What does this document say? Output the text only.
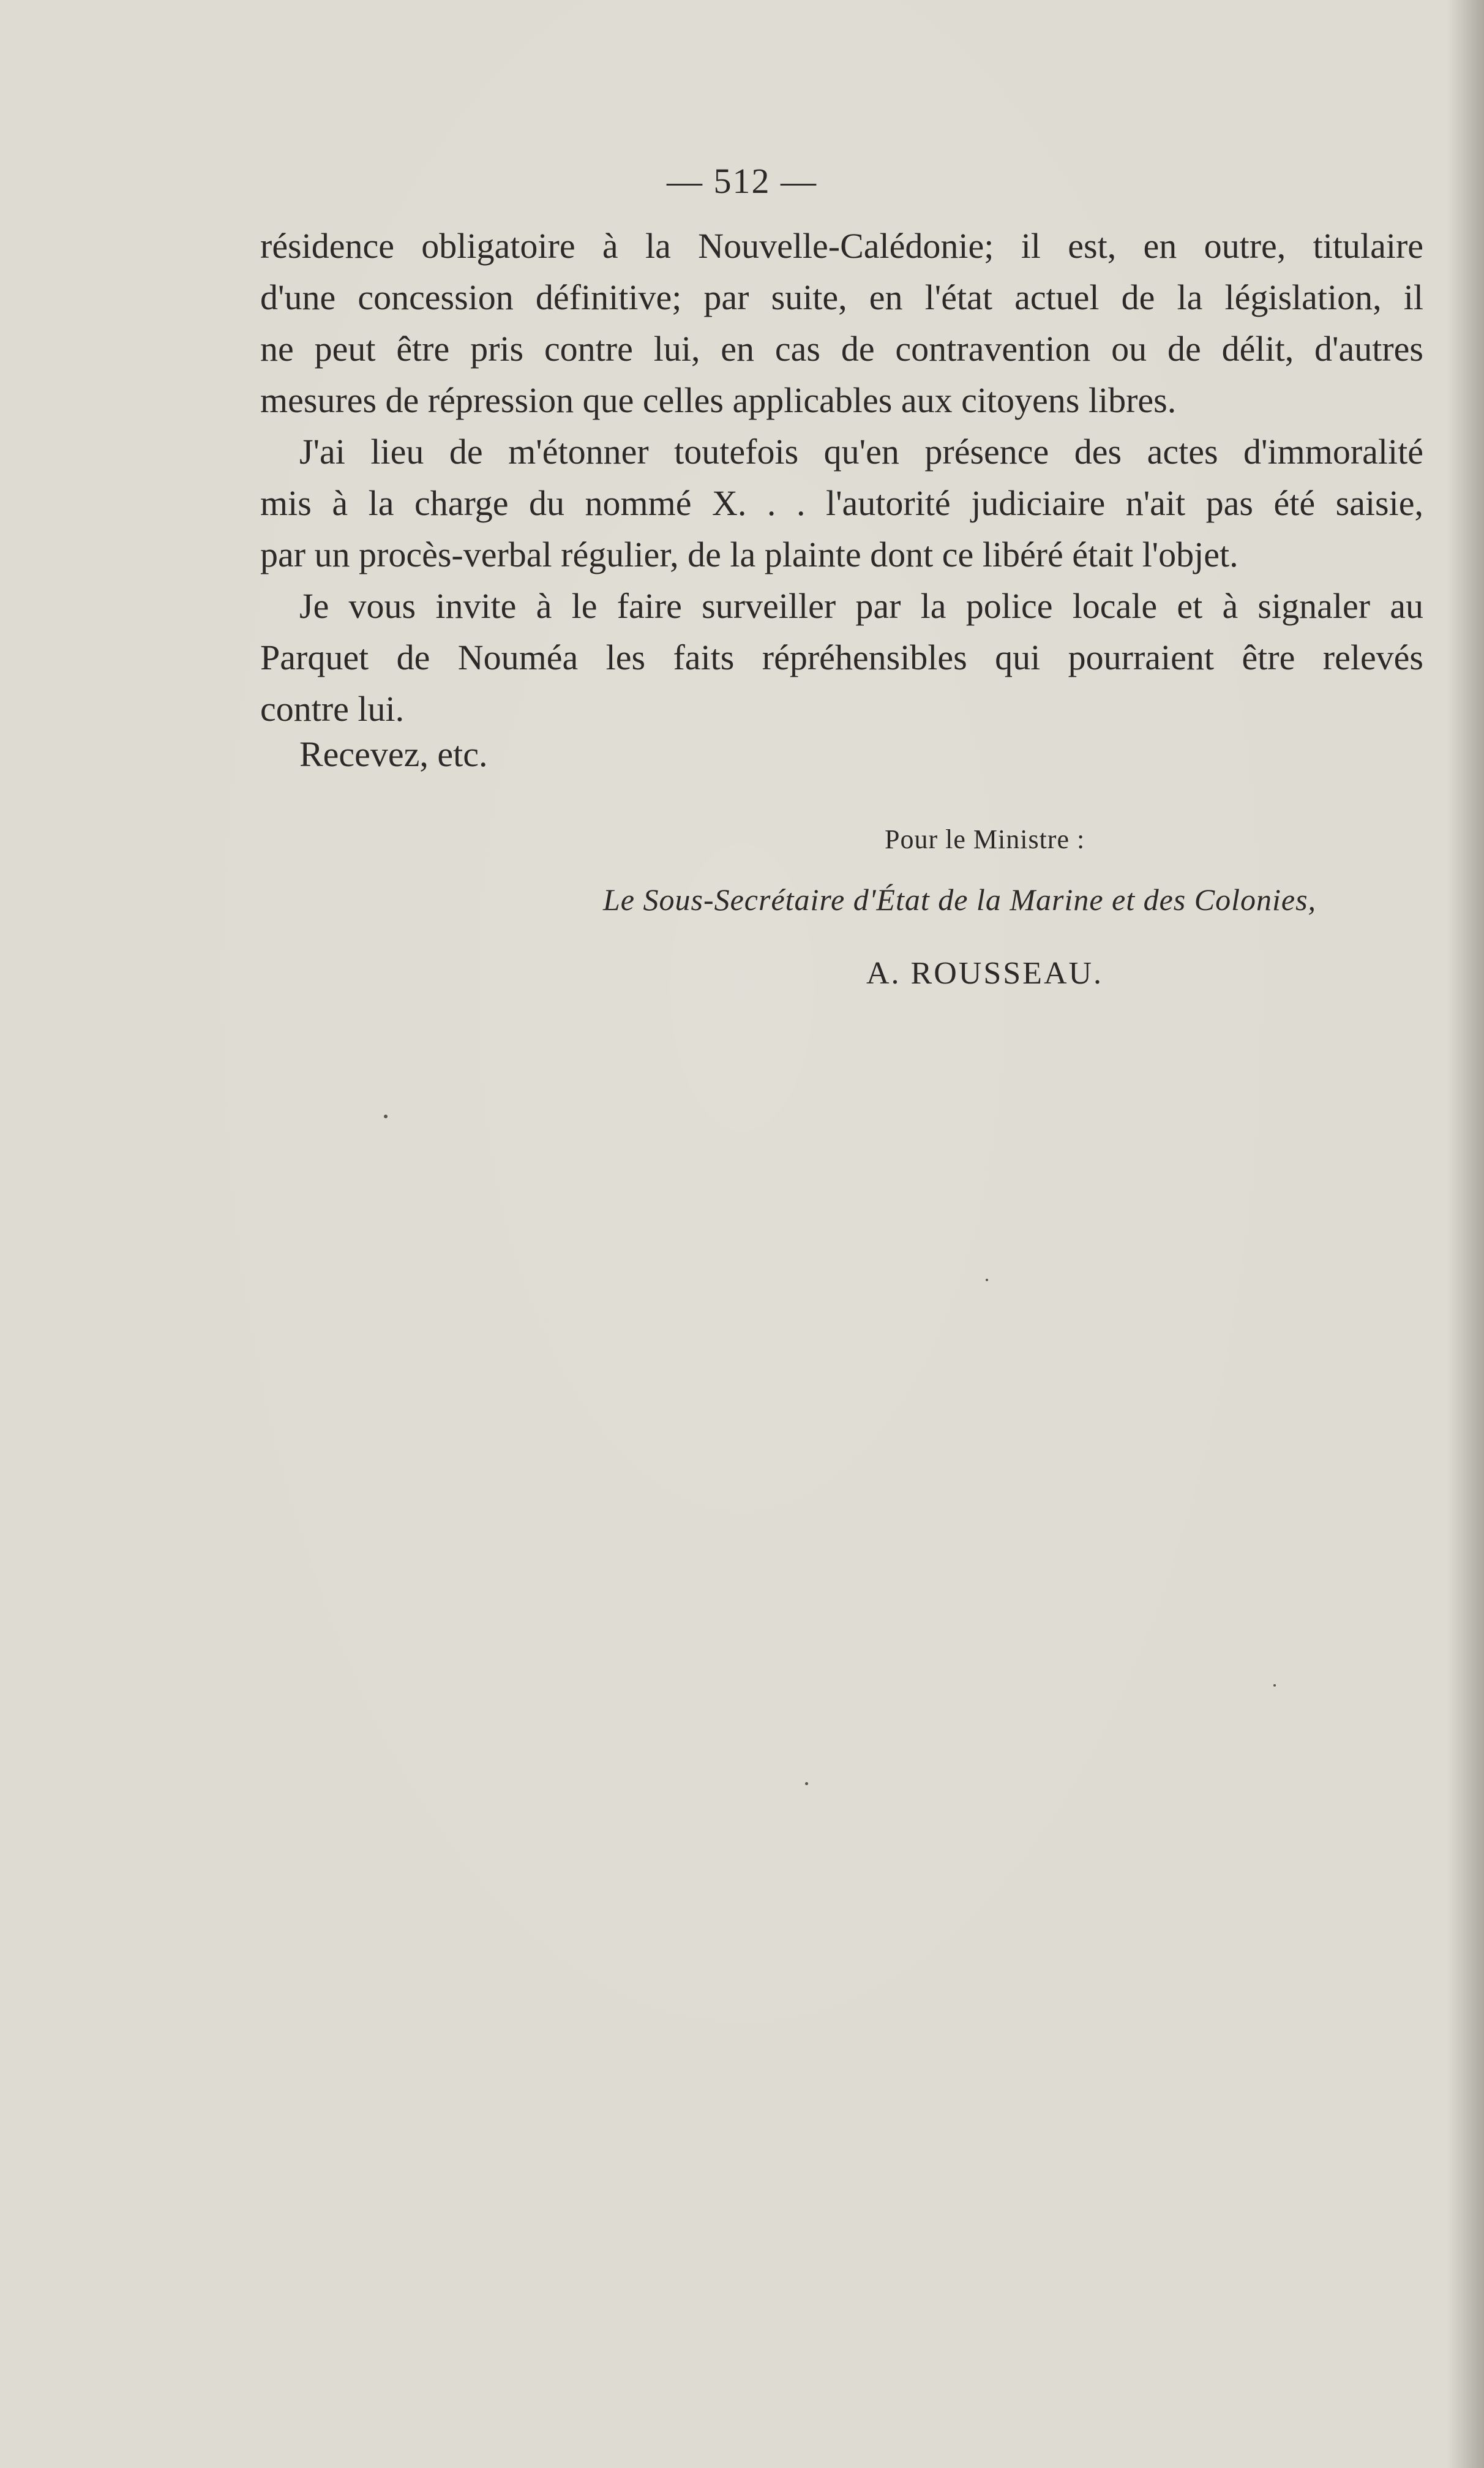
— 512 —

résidence obligatoire à la Nouvelle-Calédonie; il est, en outre, titulaire
d'une concession définitive; par suite, en l'état actuel de la législation, il
ne peut être pris contre lui, en cas de contravention ou de délit, d'autres
mesures de répression que celles applicables aux citoyens libres.

J'ai lieu de m'étonner toutefois qu'en présence des actes d'immoralité
mis à la charge du nommé X. . . l'autorité judiciaire n'ait pas été saisie,
par un procès-verbal régulier, de la plainte dont ce libéré était l'objet.

Je vous invite à le faire surveiller par la police locale et à signaler au
Parquet de Nouméa les faits répréhensibles qui pourraient être relevés
contre lui.

Recevez, etc.
Pour le Ministre :
Le Sous-Secrétaire d'État de la Marine et des Colonies,
A. ROUSSEAU.
